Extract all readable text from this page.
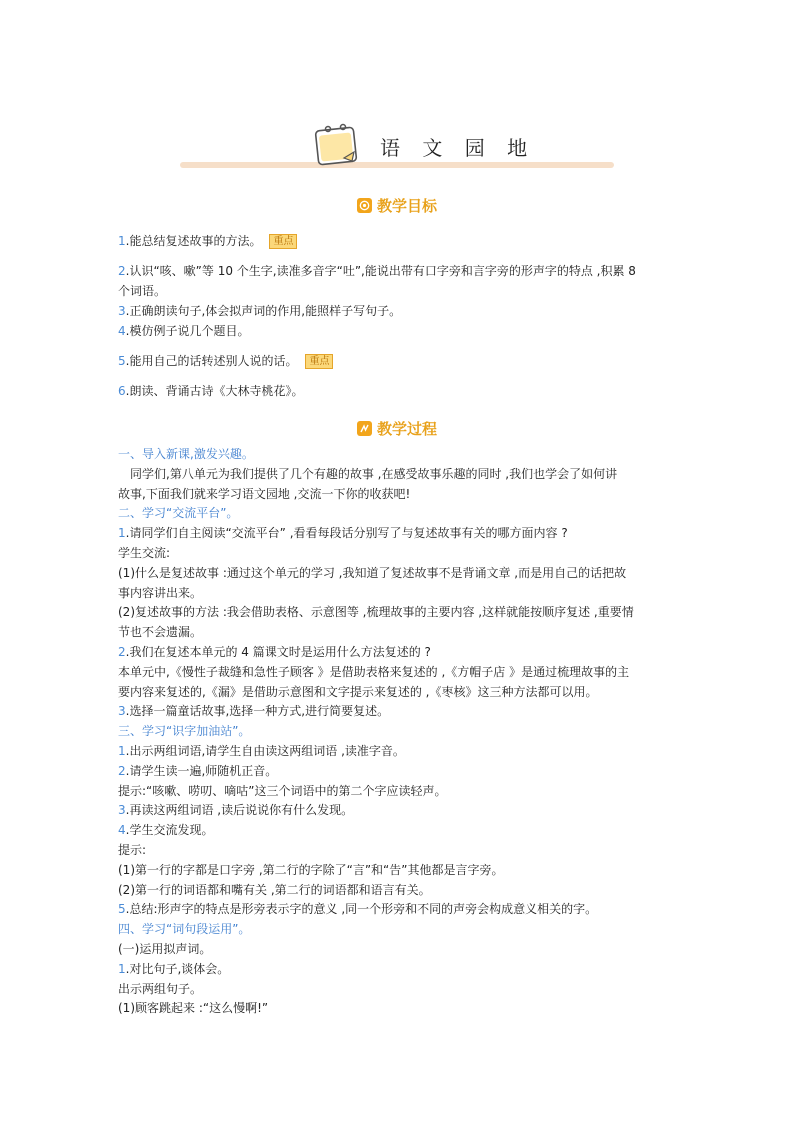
语 文 园 地
教学目标
1.能总结复述故事的方法。 重点
2.认识“咳、嗽”等 10 个生字,读准多音字“吐”,能说出带有口字旁和言字旁的形声字的特点 ,积累 8
个词语。
3.正确朗读句子,体会拟声词的作用,能照样子写句子。
4.模仿例子说几个题目。
5.能用自己的话转述别人说的话。 重点
6.朗读、背诵古诗《大林寺桃花》。
教学过程
一、导入新课,激发兴趣。
　同学们,第八单元为我们提供了几个有趣的故事 ,在感受故事乐趣的同时 ,我们也学会了如何讲
故事,下面我们就来学习语文园地 ,交流一下你的收获吧!
二、学习“交流平台”。
1.请同学们自主阅读“交流平台” ,看看每段话分别写了与复述故事有关的哪方面内容 ?
学生交流:
(1)什么是复述故事 :通过这个单元的学习 ,我知道了复述故事不是背诵文章 ,而是用自己的话把故
事内容讲出来。
(2)复述故事的方法 :我会借助表格、示意图等 ,梳理故事的主要内容 ,这样就能按顺序复述 ,重要情
节也不会遗漏。
2.我们在复述本单元的 4 篇课文时是运用什么方法复述的 ?
本单元中,《慢性子裁缝和急性子顾客 》是借助表格来复述的 ,《方帽子店 》是通过梳理故事的主
要内容来复述的,《漏》是借助示意图和文字提示来复述的 ,《枣核》这三种方法都可以用。
3.选择一篇童话故事,选择一种方式,进行简要复述。
三、学习“识字加油站”。
1.出示两组词语,请学生自由读这两组词语 ,读准字音。
2.请学生读一遍,师随机正音。
提示:“咳嗽、唠叨、嘀咕”这三个词语中的第二个字应读轻声。
3.再读这两组词语 ,读后说说你有什么发现。
4.学生交流发现。
提示:
(1)第一行的字都是口字旁 ,第二行的字除了“言”和“告”其他都是言字旁。
(2)第一行的词语都和嘴有关 ,第二行的词语都和语言有关。
5.总结:形声字的特点是形旁表示字的意义 ,同一个形旁和不同的声旁会构成意义相关的字。
四、学习“词句段运用”。
(一)运用拟声词。
1.对比句子,谈体会。
出示两组句子。
(1)顾客跳起来 :“这么慢啊!”
